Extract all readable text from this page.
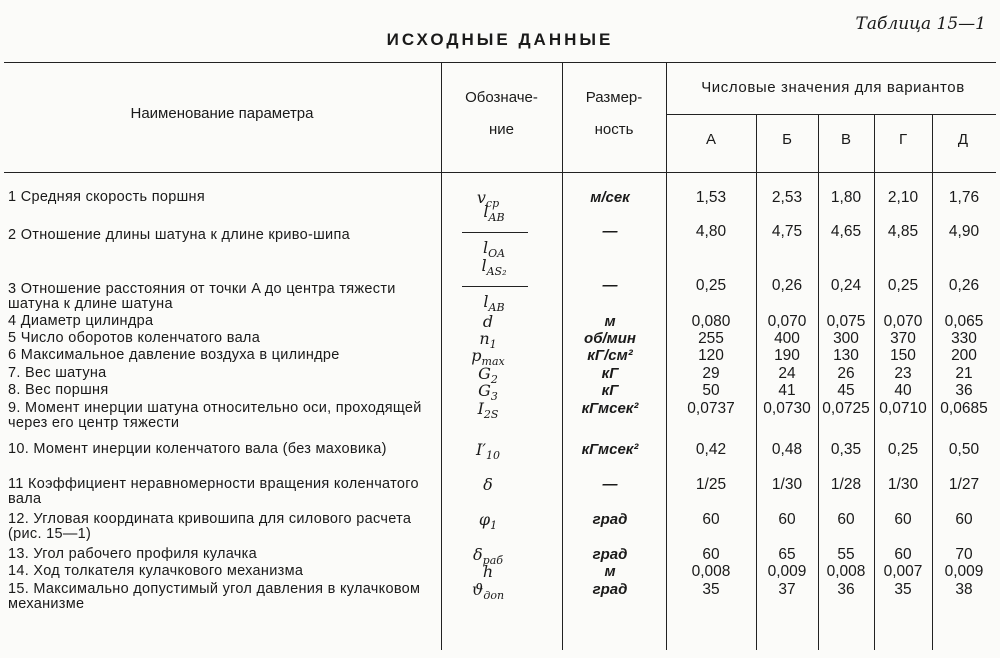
Таблица 15—1
ИСХОДНЫЕ ДАННЫЕ
Наименование параметра
Обозначе-
ние
Размер-
ность
Числовые значения для вариантов
А	Б	В	Г	Д
1 Средняя скорость поршня	$v_{ср}$	м/сек	1,53	2,53	1,80	2,10	1,76
2 Отношение длины шатуна к длине криво-шипа
$l_{AB}$
$l_{OA}$
—	4,80	4,75	4,65	4,85	4,90
3 Отношение расстояния от точки A до центра тяжести шатуна к длине шатуна
$l_{AS_2}$
$l_{AB}$
—	0,25	0,26	0,24	0,25	0,26
4 Диаметр цилиндра	d	м	0,080	0,070	0,075	0,070	0,065
5 Число оборотов коленчатого вала	$n_1$	об/мин	255	400	300	370	330
6 Максимальное давление воздуха в цилиндре	$p_{max}$	кГ/см²	120	190	130	150	200
7. Вес шатуна	$G_2$	кГ	29	24	26	23	21
8. Вес поршня	$G_3$	кГ	50	41	45	40	36
9. Момент инерции шатуна относительно оси, проходящей через его центр тяжести
$I_{2S}$	кГмсек²	0,0737	0,0730 0,0725 0,0710 0,0685
10. Момент инерции коленчатого вала (без маховика)	$I'_{10}$	кГмсек²	0,42	0,48	0,35	0,25	0,50
11 Коэффициент неравномерности вращения коленчатого вала
δ	—	1/25	1/30	1/28	1/30	1/27
12. Угловая координата кривошипа для силового расчета (рис. 15—1)
$\varphi_1$	град	60	60	60	60	60
13. Угол рабочего профиля кулачка	$\delta_{раб}$	град	60	65	55	60	70
14. Ход толкателя кулачкового механизма	h	м	0,008	0,009	0,008	0,007	0,009
15. Максимально допустимый угол давления в кулачковом механизме
$ϑ_{доп}$	град	35	37	36	35	38
